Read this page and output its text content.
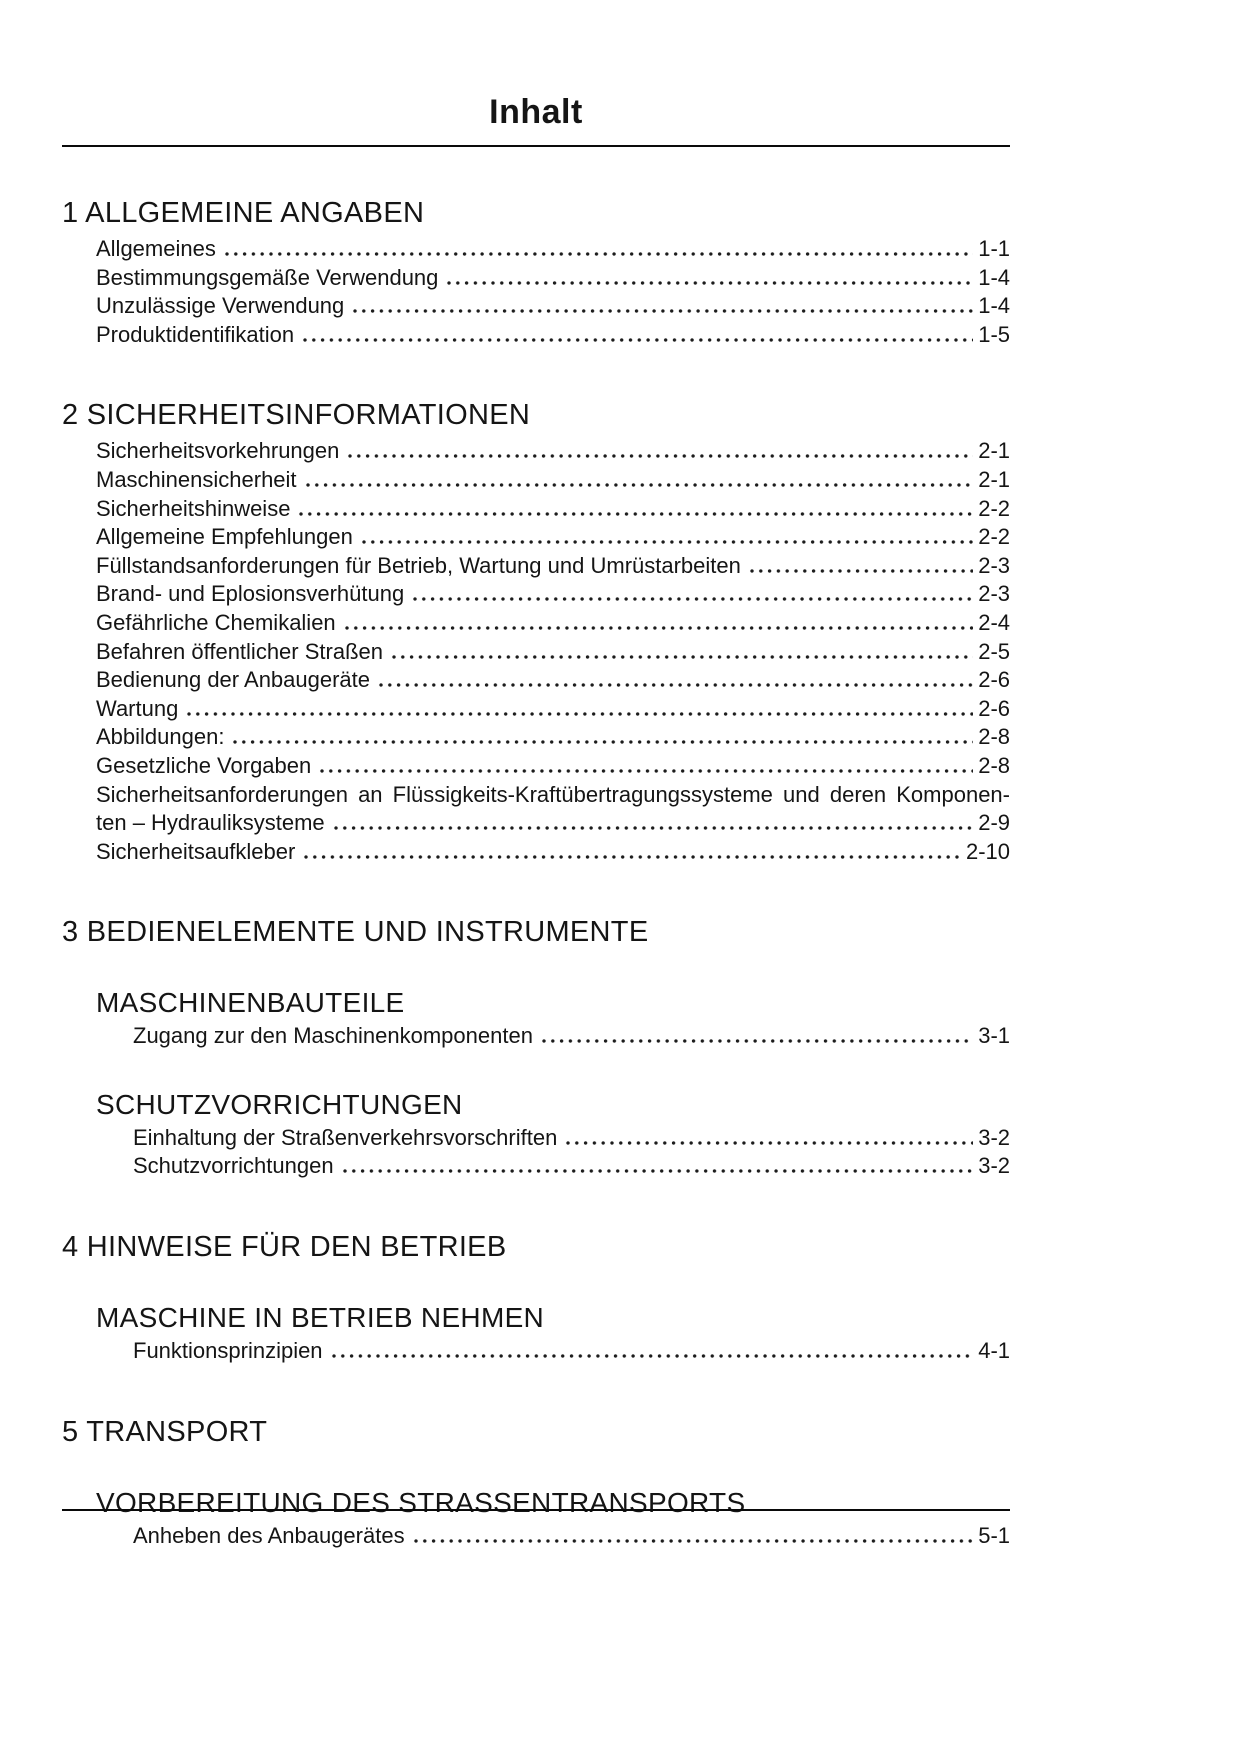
Inhalt
1 ALLGEMEINE ANGABEN
Allgemeines	1-1
Bestimmungsgemäße Verwendung	1-4
Unzulässige Verwendung	1-4
Produktidentifikation	1-5
2 SICHERHEITSINFORMATIONEN
Sicherheitsvorkehrungen	2-1
Maschinensicherheit	2-1
Sicherheitshinweise	2-2
Allgemeine Empfehlungen	2-2
Füllstandsanforderungen für Betrieb, Wartung und Umrüstarbeiten	2-3
Brand- und Eplosionsverhütung	2-3
Gefährliche Chemikalien	2-4
Befahren öffentlicher Straßen	2-5
Bedienung der Anbaugeräte	2-6
Wartung	2-6
Abbildungen:	2-8
Gesetzliche Vorgaben	2-8
Sicherheitsanforderungen an Flüssigkeits-Kraftübertragungssysteme und deren Komponen-
ten – Hydrauliksysteme	2-9
Sicherheitsaufkleber	2-10
3 BEDIENELEMENTE UND INSTRUMENTE
MASCHINENBAUTEILE
Zugang zur den Maschinenkomponenten	3-1
SCHUTZVORRICHTUNGEN
Einhaltung der Straßenverkehrsvorschriften	3-2
Schutzvorrichtungen	3-2
4 HINWEISE FÜR DEN BETRIEB
MASCHINE IN BETRIEB NEHMEN
Funktionsprinzipien	4-1
5 TRANSPORT
VORBEREITUNG DES STRASSENTRANSPORTS
Anheben des Anbaugerätes	5-1
